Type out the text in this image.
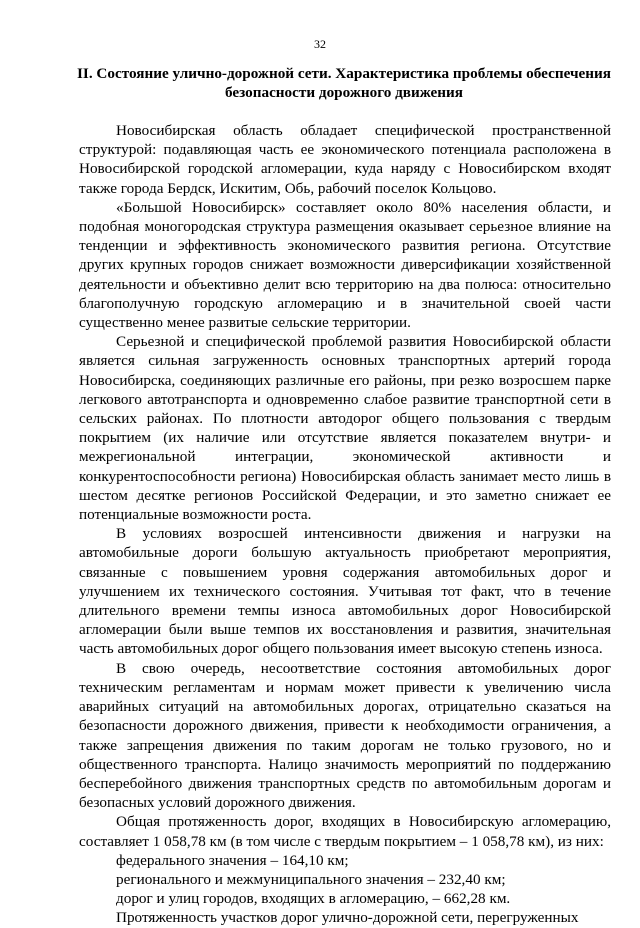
32
II. Состояние улично-дорожной сети. Характеристика проблемы обеспечения
безопасности дорожного движения

Новосибирская область обладает специфической пространственной структурой: подавляющая часть ее экономического потенциала расположена в Новосибирской городской агломерации, куда наряду с Новосибирском входят также города Бердск, Искитим, Обь, рабочий поселок Кольцово.

«Большой Новосибирск» составляет около 80% населения области, и подобная моногородская структура размещения оказывает серьезное влияние на тенденции и эффективность экономического развития региона. Отсутствие других крупных городов снижает возможности диверсификации хозяйственной деятельности и объективно делит всю территорию на два полюса: относительно благополучную городскую агломерацию и в значительной своей части существенно менее развитые сельские территории.

Серьезной и специфической проблемой развития Новосибирской области является сильная загруженность основных транспортных артерий города Новосибирска, соединяющих различные его районы, при резко возросшем парке легкового автотранспорта и одновременно слабое развитие транспортной сети в сельских районах. По плотности автодорог общего пользования с твердым покрытием (их наличие или отсутствие является показателем внутри- и межрегиональной интеграции, экономической активности и конкурентоспособности региона) Новосибирская область занимает место лишь в шестом десятке регионов Российской Федерации, и это заметно снижает ее потенциальные возможности роста.

В условиях возросшей интенсивности движения и нагрузки на автомобильные дороги большую актуальность приобретают мероприятия, связанные с повышением уровня содержания автомобильных дорог и улучшением их технического состояния. Учитывая тот факт, что в течение длительного времени темпы износа автомобильных дорог Новосибирской агломерации были выше темпов их восстановления и развития, значительная часть автомобильных дорог общего пользования имеет высокую степень износа.

В свою очередь, несоответствие состояния автомобильных дорог техническим регламентам и нормам может привести к увеличению числа аварийных ситуаций на автомобильных дорогах, отрицательно сказаться на безопасности дорожного движения, привести к необходимости ограничения, а также запрещения движения по таким дорогам не только грузового, но и общественного транспорта. Налицо значимость мероприятий по поддержанию бесперебойного движения транспортных средств по автомобильным дорогам и безопасных условий дорожного движения.

Общая протяженность дорог, входящих в Новосибирскую агломерацию, составляет 1 058,78 км (в том числе с твердым покрытием – 1 058,78 км), из них:

федерального значения – 164,10 км;

регионального и межмуниципального значения – 232,40 км;

дорог и улиц городов, входящих в агломерацию, – 662,28 км.

Протяженность участков дорог улично-дорожной сети, перегруженных
